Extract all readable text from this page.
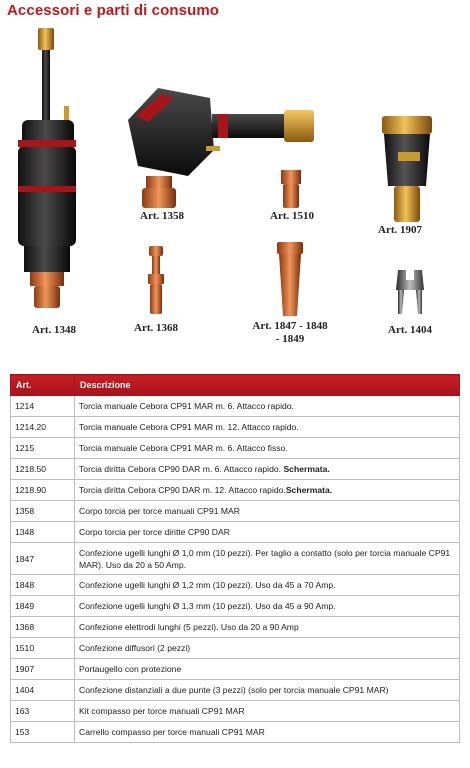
Accessori e parti di consumo
Art. 1348
Art. 1358	Art. 1510
Art. 1907
Art. 1368	Art. 1847 - 1848 - 1849
Art. 1404
Art.	Descrizione
1214	Torcia manuale Cebora CP91 MAR m. 6. Attacco rapido.
1214.20	Torcia manuale Cebora CP91 MAR m. 12. Attacco rapido.
1215	Torcia manuale Cebora CP91 MAR m. 6. Attacco fisso.
1218.50	Torcia diritta Cebora CP90 DAR m. 6. Attacco rapido. Schermata.
1218.90	Torcia diritta Cebora CP90 DAR m. 12. Attacco rapido.Schermata.
1358	Corpo torcia per torce manuali CP91 MAR
1348	Corpo torcia per torce diritte CP90 DAR
1847	Confezione ugelli lunghi Ø 1,0 mm (10 pezzi). Per taglio a contatto (solo per torcia manuale CP91 MAR). Uso da 20 a 50 Amp.
1848	Confezione ugelli lunghi Ø 1,2 mm (10 pezzi). Uso da 45 a 70 Amp.
1849	Confezione ugelli lunghi Ø 1,3 mm (10 pezzi). Uso da 45 a 90 Amp.
1368	Confezione elettrodi lunghi (5 pezzi). Uso da 20 a 90 Amp
1510	Confezione diffusori (2 pezzi)
1907	Portaugello con protezione
1404	Confezione distanziali a due punte (3 pezzi) (solo per torcia manuale CP91 MAR)
163	Kit compasso per torce manuali CP91 MAR
153	Carrello compasso per torce manuali CP91 MAR
